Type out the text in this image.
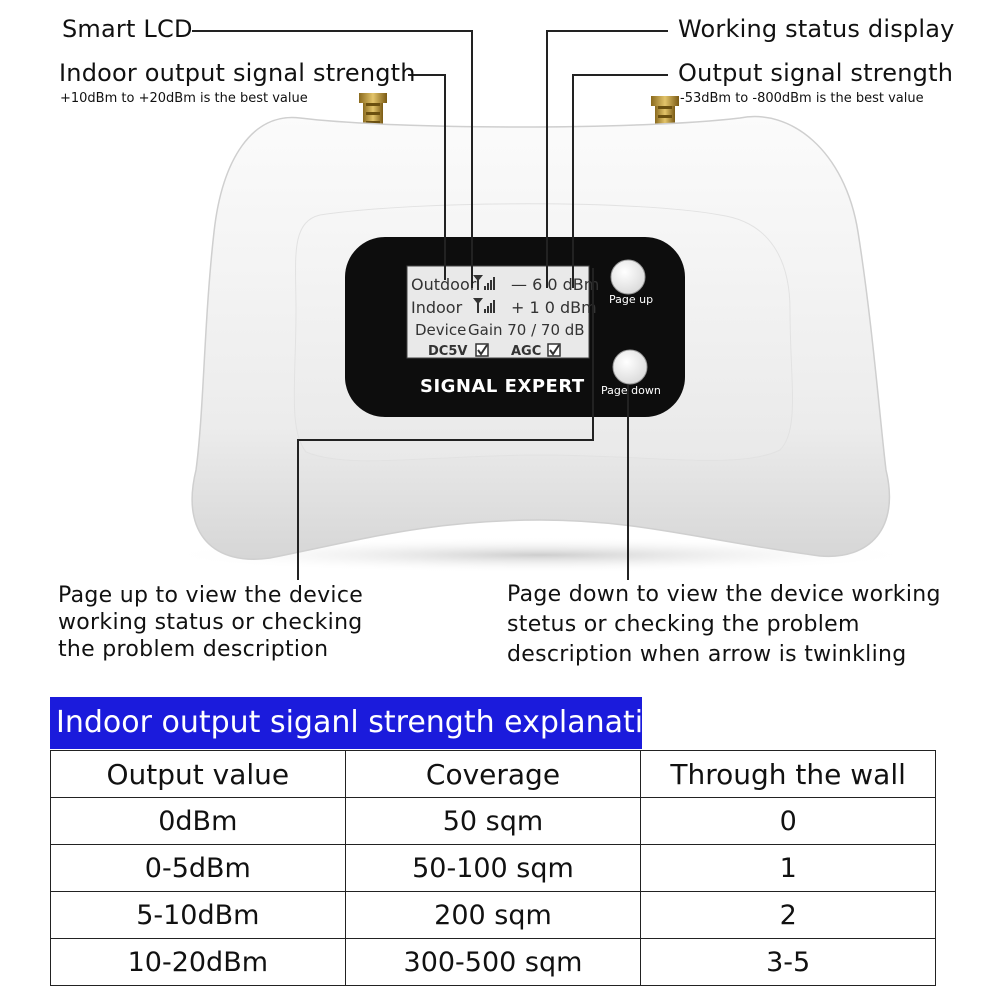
Outdoor — 6 0 dBm
Indoor	+ 1 0 dBm
Device Gain 70 / 70 dB
DC5V	AGC
SIGNAL EXPERT
Page up
Page down
Smart LCD
Indoor output signal strength
+10dBm to +20dBm is the best value
Working status display
Output signal strength
-53dBm to -800dBm is the best value
Page up to view the device
working status or checking
the problem description
Page down to view the device working
stetus or checking the problem
description when arrow is twinkling
Indoor output siganl strength explanation
Output value	Coverage	Through the wall
0dBm	50 sqm	0
0-5dBm	50-100 sqm	1
5-10dBm	200 sqm	2
10-20dBm	300-500 sqm	3-5
